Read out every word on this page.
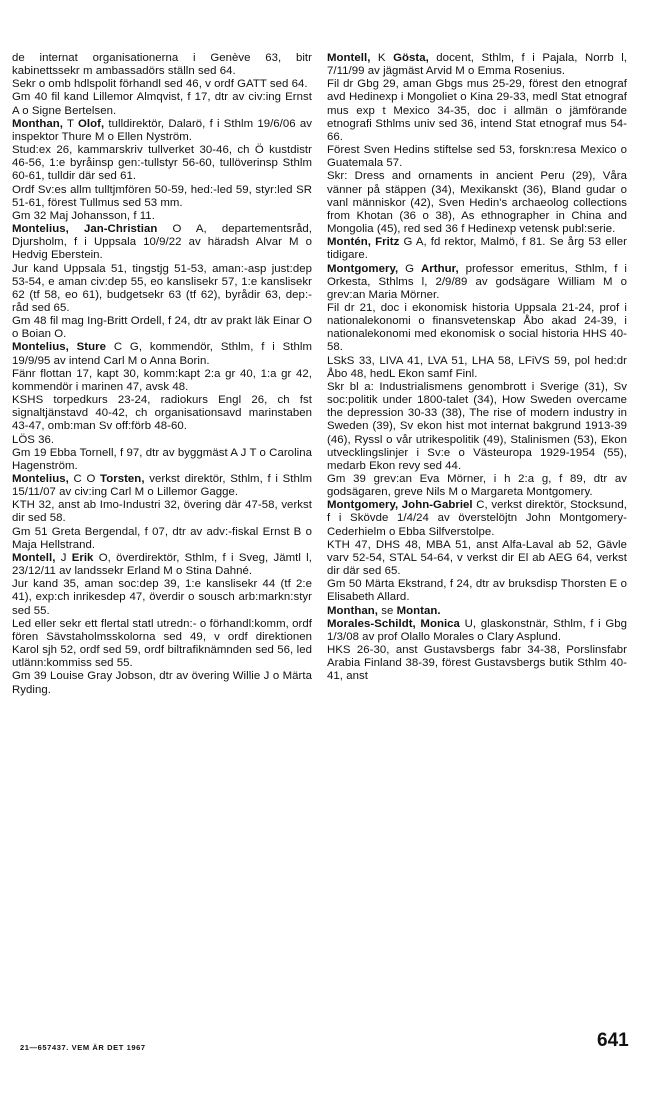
de internat organisationerna i Genève 63, bitr kabinettssekr m ambassadörs ställn sed 64.

Sekr o omb hdlspolit förhandl sed 46, v ordf GATT sed 64.

Gm 40 fil kand Lillemor Almqvist, f 17, dtr av civ:ing Ernst A o Signe Bertelsen.

Monthan, T Olof, tulldirektör, Dalarö, f i Sthlm 19/6/06 av inspektor Thure M o Ellen Nyström.

Stud:ex 26, kammarskriv tullverket 30-46, ch Ö kustdistr 46-56, 1:e byråinsp gen:-tullstyr 56-60, tullöverinsp Sthlm 60-61, tulldir där sed 61.

Ordf Sv:es allm tulltjmfören 50-59, hed:-led 59, styr:led SR 51-61, förest Tullmus sed 53 mm.

Gm 32 Maj Johansson, f 11.

Montelius, Jan-Christian O A, departementsråd, Djursholm, f i Uppsala 10/9/22 av häradsh Alvar M o Hedvig Eberstein.

Jur kand Uppsala 51, tingstjg 51-53, aman:-asp just:dep 53-54, e aman civ:dep 55, eo kanslisekr 57, 1:e kanslisekr 62 (tf 58, eo 61), budgetsekr 63 (tf 62), byrådir 63, dep:-råd sed 65.

Gm 48 fil mag Ing-Britt Ordell, f 24, dtr av prakt läk Einar O o Boian O.

Montelius, Sture C G, kommendör, Sthlm, f i Sthlm 19/9/95 av intend Carl M o Anna Borin.

Fänr flottan 17, kapt 30, komm:kapt 2:a gr 40, 1:a gr 42, kommendör i marinen 47, avsk 48.

KSHS torpedkurs 23-24, radiokurs Engl 26, ch fst signaltjänstavd 40-42, ch organisationsavd marinstaben 43-47, omb:man Sv off:förb 48-60.

LÖS 36.

Gm 19 Ebba Tornell, f 97, dtr av byggmäst A J T o Carolina Hagenström.

Montelius, C O Torsten, verkst direktör, Sthlm, f i Sthlm 15/11/07 av civ:ing Carl M o Lillemor Gagge.

KTH 32, anst ab Imo-Industri 32, övering där 47-58, verkst dir sed 58.

Gm 51 Greta Bergendal, f 07, dtr av adv:-fiskal Ernst B o Maja Hellstrand.

Montell, J Erik O, överdirektör, Sthlm, f i Sveg, Jämtl l, 23/12/11 av landssekr Erland M o Stina Dahné.

Jur kand 35, aman soc:dep 39, 1:e kanslisekr 44 (tf 2:e 41), exp:ch inrikesdep 47, överdir o sousch arb:markn:styr sed 55.

Led eller sekr ett flertal statl utredn:- o förhandl:komm, ordf fören Sävstaholmsskolorna sed 49, v ordf direktionen Karol sjh 52, ordf sed 59, ordf biltrafiknämnden sed 56, led utlänn:kommiss sed 55.

Gm 39 Louise Gray Jobson, dtr av övering Willie J o Märta Ryding.

Montell, K Gösta, docent, Sthlm, f i Pajala, Norrb l, 7/11/99 av jägmäst Arvid M o Emma Rosenius.

Fil dr Gbg 29, aman Gbgs mus 25-29, förest den etnograf avd Hedinexp i Mongoliet o Kina 29-33, medl Stat etnograf mus exp t Mexico 34-35, doc i allmän o jämförande etnografi Sthlms univ sed 36, intend Stat etnograf mus 54-66.

Förest Sven Hedins stiftelse sed 53, forskn:resa Mexico o Guatemala 57.

Skr: Dress and ornaments in ancient Peru (29), Våra vänner på stäppen (34), Mexikanskt (36), Bland gudar o vanl människor (42), Sven Hedin's archaeolog collections from Khotan (36 o 38), As ethnographer in China and Mongolia (45), red sed 36 f Hedinexp vetensk publ:serie.

Montén, Fritz G A, fd rektor, Malmö, f 81. Se årg 53 eller tidigare.

Montgomery, G Arthur, professor emeritus, Sthlm, f i Orkesta, Sthlms l, 2/9/89 av godsägare William M o grev:an Maria Mörner.

Fil dr 21, doc i ekonomisk historia Uppsala 21-24, prof i nationalekonomi o finansvetenskap Åbo akad 24-39, i nationalekonomi med ekonomisk o social historia HHS 40-58.

LSkS 33, LIVA 41, LVA 51, LHA 58, LFiVS 59, pol hed:dr Åbo 48, hedL Ekon samf Finl.

Skr bl a: Industrialismens genombrott i Sverige (31), Sv soc:politik under 1800-talet (34), How Sweden overcame the depression 30-33 (38), The rise of modern industry in Sweden (39), Sv ekon hist mot internat bakgrund 1913-39 (46), Ryssl o vår utrikespolitik (49), Stalinismen (53), Ekon utvecklingslinjer i Sv:e o Västeuropa 1929-1954 (55), medarb Ekon revy sed 44.

Gm 39 grev:an Eva Mörner, i h 2:a g, f 89, dtr av godsägaren, greve Nils M o Margareta Montgomery.

Montgomery, John-Gabriel C, verkst direktör, Stocksund, f i Skövde 1/4/24 av överstelöjtn John Montgomery-Cederhielm o Ebba Silfverstolpe.

KTH 47, DHS 48, MBA 51, anst Alfa-Laval ab 52, Gävle varv 52-54, STAL 54-64, v verkst dir El ab AEG 64, verkst dir där sed 65.

Gm 50 Märta Ekstrand, f 24, dtr av bruksdisp Thorsten E o Elisabeth Allard.

Monthan, se Montan.

Morales-Schildt, Monica U, glaskonstnär, Sthlm, f i Gbg 1/3/08 av prof Olallo Morales o Clary Asplund.

HKS 26-30, anst Gustavsbergs fabr 34-38, Porslinsfabr Arabia Finland 38-39, förest Gustavsbergs butik Sthlm 40-41, anst

21—657437. VEM ÄR DET 1967	641
